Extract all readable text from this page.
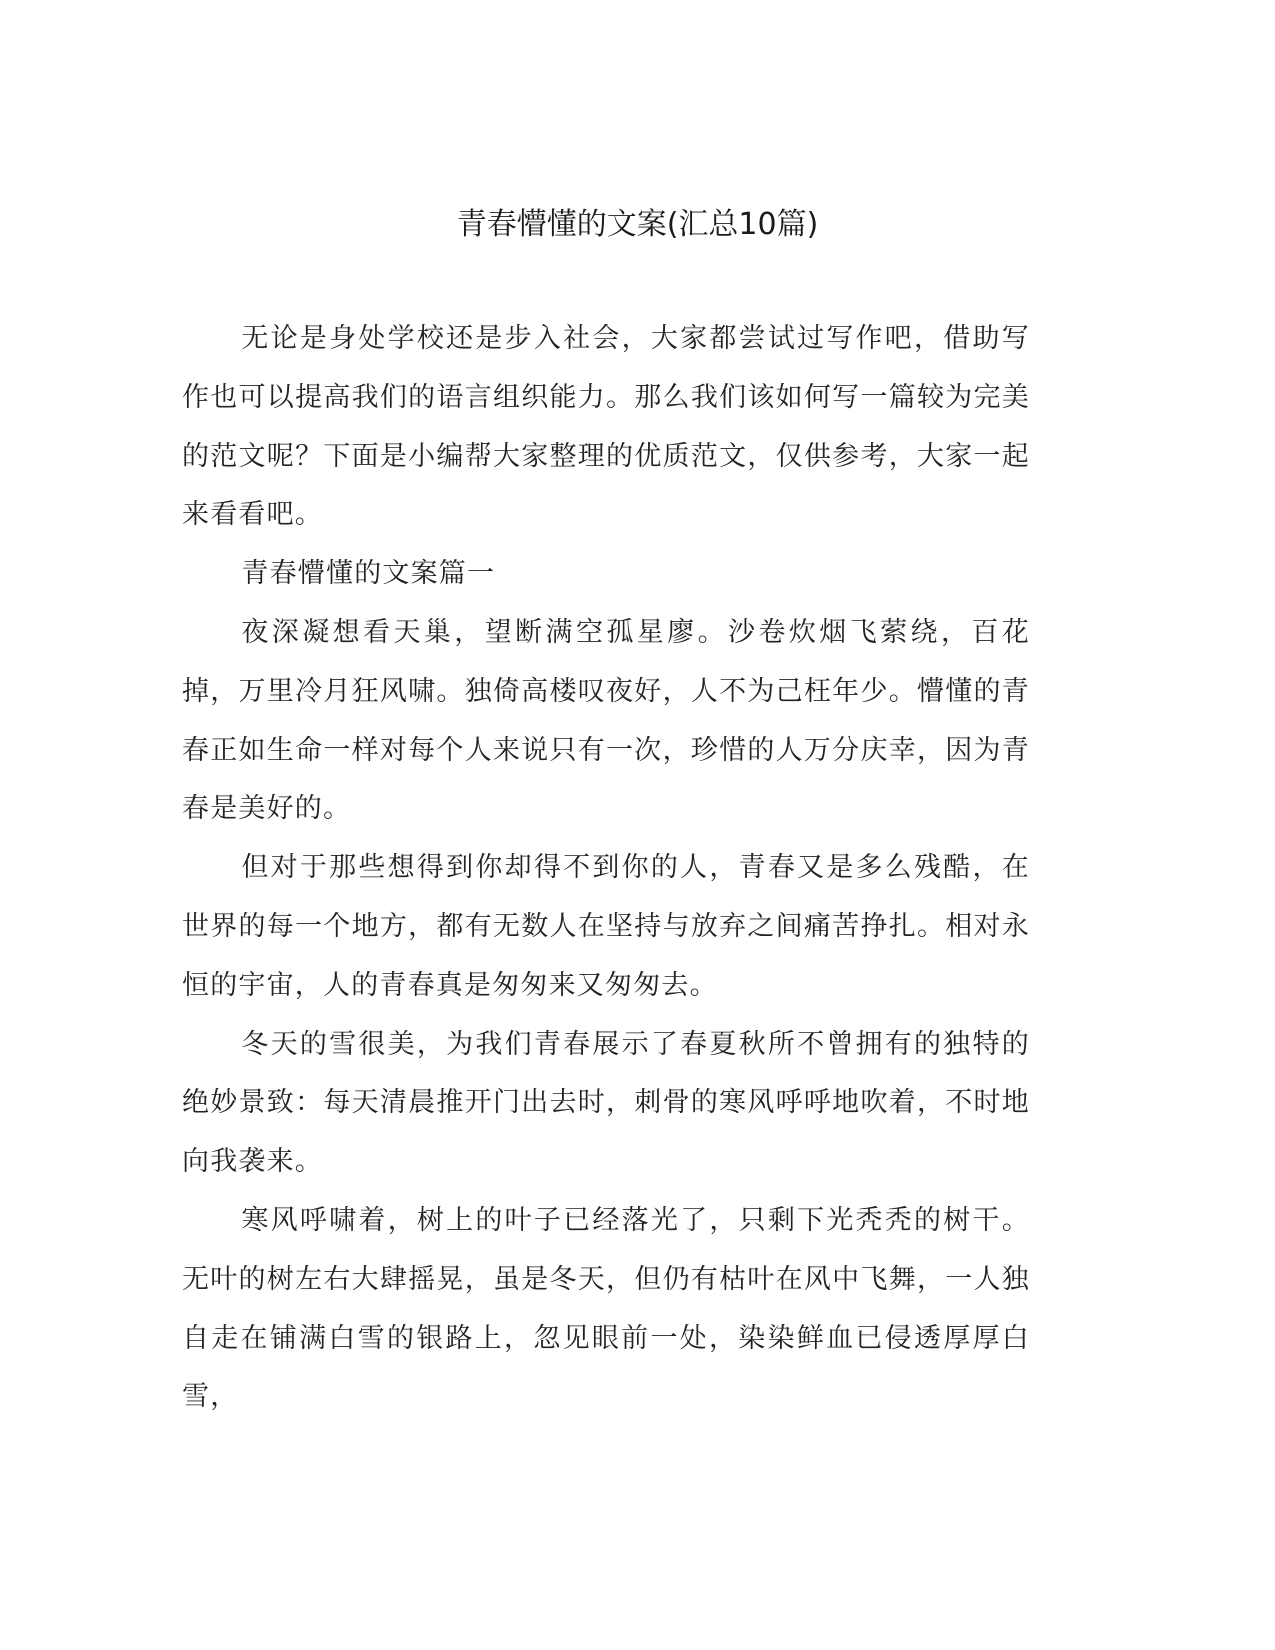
青春懵懂的文案(汇总10篇)

无论是身处学校还是步入社会，大家都尝试过写作吧，借助写作也可以提高我们的语言组织能力。那么我们该如何写一篇较为完美的范文呢？下面是小编帮大家整理的优质范文，仅供参考，大家一起来看看吧。

青春懵懂的文案篇一

夜深凝想看天巢，望断满空孤星廖。沙卷炊烟飞萦绕，百花掉，万里冷月狂风啸。独倚高楼叹夜好，人不为己枉年少。懵懂的青春正如生命一样对每个人来说只有一次，珍惜的人万分庆幸，因为青春是美好的。

但对于那些想得到你却得不到你的人，青春又是多么残酷，在世界的每一个地方，都有无数人在坚持与放弃之间痛苦挣扎。相对永恒的宇宙，人的青春真是匆匆来又匆匆去。

冬天的雪很美，为我们青春展示了春夏秋所不曾拥有的独特的绝妙景致：每天清晨推开门出去时，刺骨的寒风呼呼地吹着，不时地向我袭来。

寒风呼啸着，树上的叶子已经落光了，只剩下光秃秃的树干。无叶的树左右大肆摇晃，虽是冬天，但仍有枯叶在风中飞舞，一人独自走在铺满白雪的银路上，忽见眼前一处，染染鲜血已侵透厚厚白雪，
